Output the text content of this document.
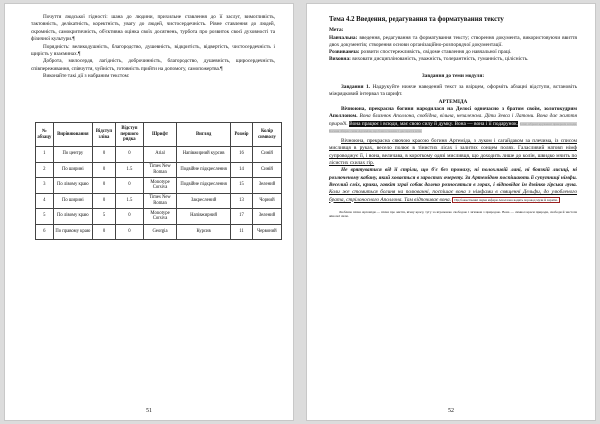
Почуття людської гідності: шана до людини, прихильне ставлення до її заслуг, вимогливість, тактовність, делікатність, коректність, увагу до людей, чистосердечність. Рівне ставлення до людей, скромність, самокритичність, об'єктивна оцінка своїх досягнень, турбота про розвиток своєї духовності та фізичної культури.¶

Порядність: великодушність, благородство, душевність, відкритість, відвертість, чистосердечність і щирість у взаєминах.¶

Доброта, милосердя, лагідність, доброчинність, благородство, душевність, щиросердечність, співпереживання, співчуття, чуйність, готовність прийти на допомогу, самопожертва.¶

Виконайте такі дії з набраним текстом:

№ абзацу	Вирівнювання	Відступ зліва	Відступ першого рядка	Шрифт	Вигляд	Розмір	Колір символу
1	По центру	0	0	Arial	Напівжирний курсив	16	Синій
2	По ширині	0	1.5	Times New Roman	Подвійне підкреслення	14	Синій
3	По лівому краю	0	0	Monotype Corsiva	Подвійне підкреслення	15	Зелений
4	По ширині	0	1.5	Times New Roman	Закреслений	13	Чорний
5	По лівому краю	5	0	Monotype Corsiva	Напівжирний	17	Зелений
6	По правому краю	0	0	Georgia	Курсив	11	Червоний
51
Тема 4.2 Введення, редагування та форматування тексту
Мета:
Навчальна: введення, редагування та форматування тексту; створення документа, використовуючи ввиття двох документів; створення основи організаційно-розпорядчої документації.
Розвиваюча: розвити спостережливість, свідоме ставлення до навчальної праці.
Виховна: виховати дисциплінованість, уважність, толерантність, гуманність, цілісність.
Завдання до теми модуля:
Завдання 1. Надрукуйте нижче наведений текст за взірцем, оформіть абзацні відступи, встановіть міжрядковий інтервал та шрифт.
АРТЕМІДА
Вічноюна, прекрасна богиня народилася на Делосі одночасно з братом своїм, золотокудрим Аполлоном. Вона близнюк Аполлона, свобідна, вільна, незалежна. Діти Зевса і Латони. Вона дає життя природі. Вона працює і всюди, має свою силу й думку. Вона — вона і її подарунок. Затяг, вбрані кружевні прикраси всюди. Богиня збирає сили Артемізи, що благословляє і дає щастя всім.
Вічноюна, прекрасна сяючою красою богиня Артеміда, з луком і сагайдаком за плечима, із списом мисливця в руках, весело полює в тінистих лісах і залитих сонцем полях. Галасливий натовп німф супроводжує її, і вона, величава, в короткому одязі мисливця, що доходить лише до колін, швидко мчить по лісистих схилах гір.
Не врятуватися від її стріли, що б'є без промаху, ні полохливій лані, ні боязкій лисиці, ні розлюченому кабану, який ховається в заростях очерету. За Артемідою поспішають її супутниці німфи. Веселий сміх, крики, гавкіт зграї собак далеко розносяться в горах, і відповідає їм дзвінко гірська луна. Коли же стомиться богиня на полюванні, поспішає вона з німфами в священні Дельфи, до улюбленого брата, стрілоносного Аполлона. Там відпочиває вона. Під божественні звуки кіфари Аполлона водять хоровод музи й харити.
Любляча пісня Артеміди — пісня про життя, вічну красу, тугу за втраченою свободою і зв'язком з природою. Вона — символ краси природи, свободи й чистоти жіночої сили.
52
